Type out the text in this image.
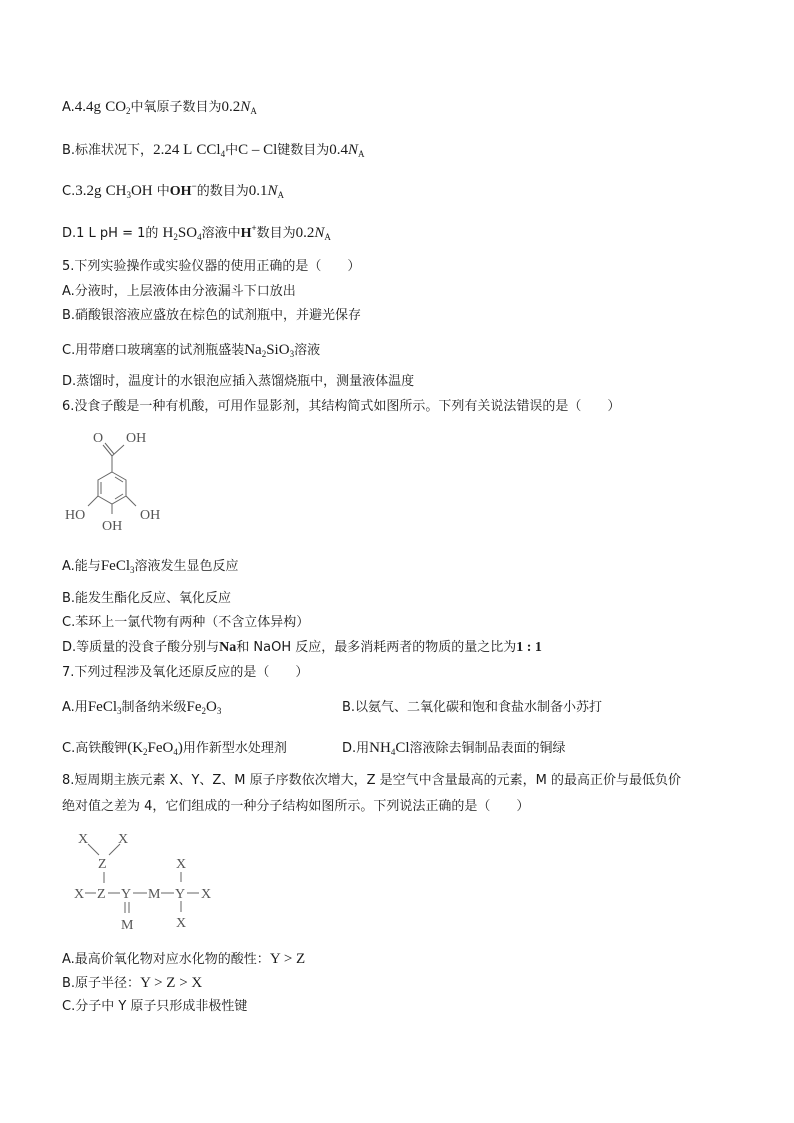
A.4.4g $CO_2$中氧原子数目为$0.2N_A$
B.标准状况下，2.24 L CCl$_4$中C – Cl键数目为$0.4N_A$
C.3.2g $CH_3OH$ 中OH−的数目为$0.1N_A$
D.1 L pH = 1的 $H_2SO_4$溶液中H+数目为$0.2N_A$
5.下列实验操作或实验仪器的使用正确的是（　　）
A.分液时，上层液体由分液漏斗下口放出
B.硝酸银溶液应盛放在棕色的试剂瓶中，并避光保存
C.用带磨口玻璃塞的试剂瓶盛装$Na_2SiO_3$溶液
D.蒸馏时，温度计的水银泡应插入蒸馏烧瓶中，测量液体温度
6.没食子酸是一种有机酸，可用作显影剂，其结构简式如图所示。下列有关说法错误的是（　　）
O OH
HO	OH
OH
A.能与FeCl$_3$溶液发生显色反应
B.能发生酯化反应、氧化反应
C.苯环上一氯代物有两种（不含立体异构）
D.等质量的没食子酸分别与Na和 NaOH 反应，最多消耗两者的物质的量之比为1 : 1
7.下列过程涉及氧化还原反应的是（　　）
A.用FeCl$_3$制备纳米级$Fe_2O_3$	B.以氨气、二氧化碳和饱和食盐水制备小苏打
C.高铁酸钾$(K_2FeO_4)$用作新型水处理剂	D.用$NH_4Cl$溶液除去铜制品表面的铜绿
8.短周期主族元素 X、Y、Z、M 原子序数依次增大，Z 是空气中含量最高的元素，M 的最高正价与最低负价
绝对值之差为 4，它们组成的一种分子结构如图所示。下列说法正确的是（　　）
X X
Z
X Z Y M Y X
X
X
M
A.最高价氧化物对应水化物的酸性：Y > Z
B.原子半径：Y > Z > X
C.分子中 Y 原子只形成非极性键
